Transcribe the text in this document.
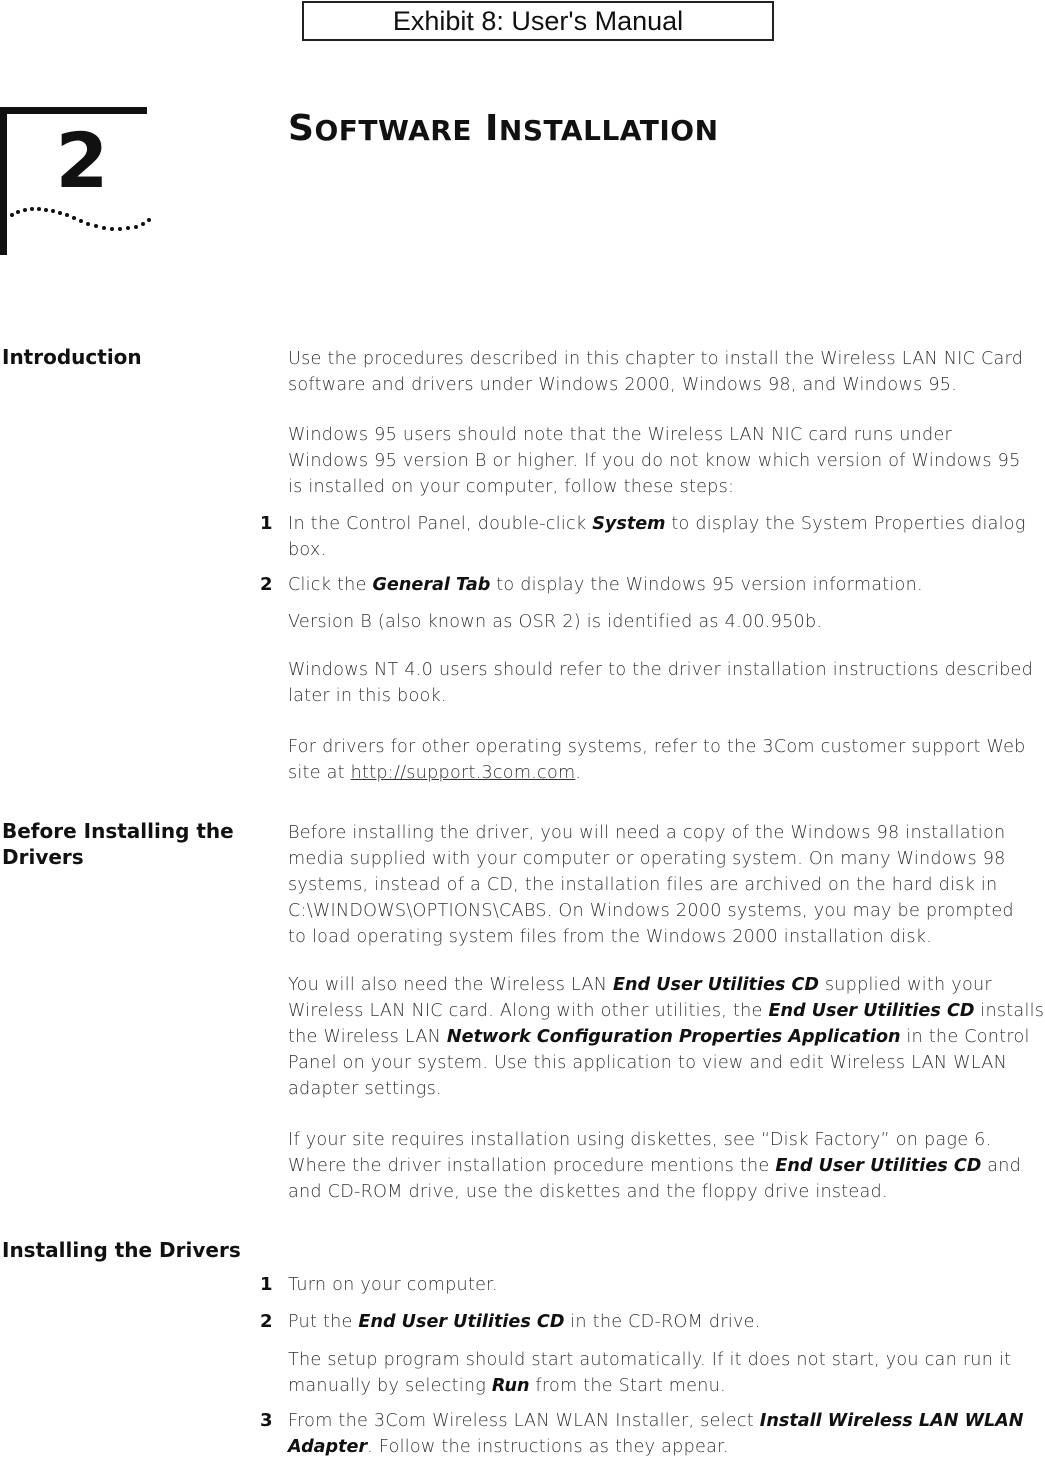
Exhibit 8: User's Manual
2	SOFTWARE INSTALLATION
Introduction	Use the procedures described in this chapter to install the Wireless LAN NIC Card
software and drivers under Windows 2000, Windows 98, and Windows 95.
Windows 95 users should note that the Wireless LAN NIC card runs under
Windows 95 version B or higher. If you do not know which version of Windows 95
is installed on your computer, follow these steps:
1 In the Control Panel, double-click System to display the System Properties dialog
box.
2 Click the General Tab to display the Windows 95 version information.
Version B (also known as OSR 2) is identified as 4.00.950b.
Windows NT 4.0 users should refer to the driver installation instructions described
later in this book.
For drivers for other operating systems, refer to the 3Com customer support Web
site at http://support.3com.com.
Before Installing the
Drivers
Before installing the driver, you will need a copy of the Windows 98 installation
media supplied with your computer or operating system. On many Windows 98
systems, instead of a CD, the installation files are archived on the hard disk in
C:\WINDOWS\OPTIONS\CABS. On Windows 2000 systems, you may be prompted
to load operating system files from the Windows 2000 installation disk.
You will also need the Wireless LAN End User Utilities CD supplied with your
Wireless LAN NIC card. Along with other utilities, the End User Utilities CD installs
the Wireless LAN Network Configuration Properties Application in the Control
Panel on your system. Use this application to view and edit Wireless LAN WLAN
adapter settings.
If your site requires installation using diskettes, see “Disk Factory” on page 6.
Where the driver installation procedure mentions the End User Utilities CD and
and CD-ROM drive, use the diskettes and the floppy drive instead.
Installing the Drivers
1 Turn on your computer.
2 Put the End User Utilities CD in the CD-ROM drive.
The setup program should start automatically. If it does not start, you can run it
manually by selecting Run from the Start menu.
3 From the 3Com Wireless LAN WLAN Installer, select Install Wireless LAN WLAN
Adapter. Follow the instructions as they appear.
